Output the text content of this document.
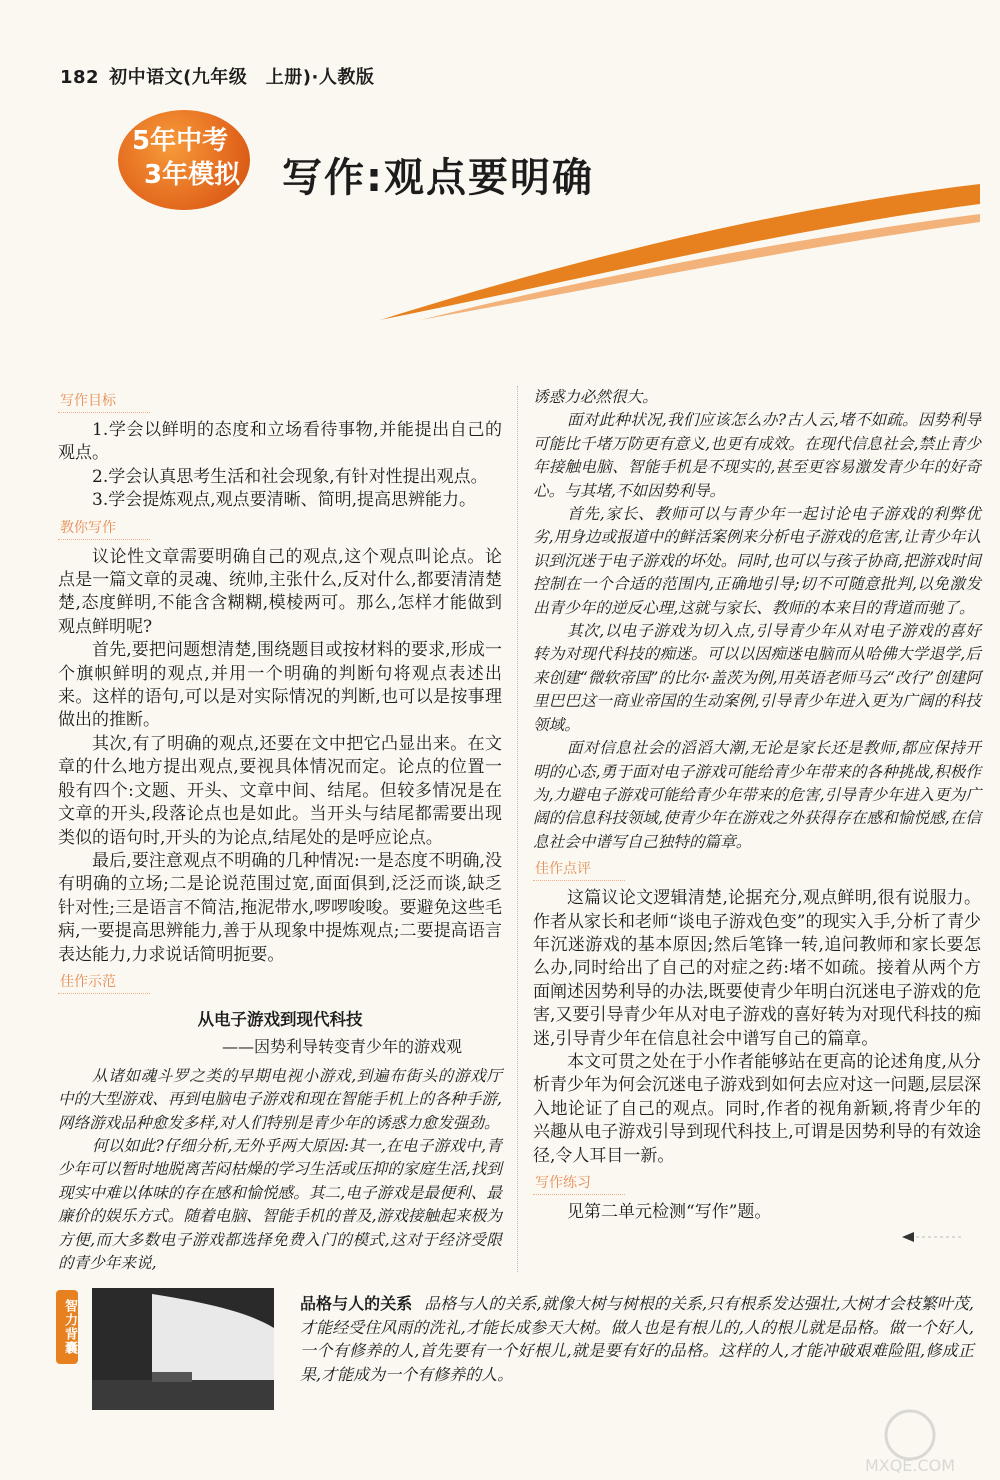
182 初中语文(九年级　上册)·人教版
5年中考
3年模拟 写作:观点要明确
写作目标

1.学会以鲜明的态度和立场看待事物,并能提出自己的观点。

2.学会认真思考生活和社会现象,有针对性提出观点。

3.学会提炼观点,观点要清晰、简明,提高思辨能力。

教你写作

议论性文章需要明确自己的观点,这个观点叫论点。论点是一篇文章的灵魂、统帅,主张什么,反对什么,都要清清楚楚,态度鲜明,不能含含糊糊,模棱两可。那么,怎样才能做到观点鲜明呢?

首先,要把问题想清楚,围绕题目或按材料的要求,形成一个旗帜鲜明的观点,并用一个明确的判断句将观点表述出来。这样的语句,可以是对实际情况的判断,也可以是按事理做出的推断。

其次,有了明确的观点,还要在文中把它凸显出来。在文章的什么地方提出观点,要视具体情况而定。论点的位置一般有四个:文题、开头、文章中间、结尾。但较多情况是在文章的开头,段落论点也是如此。当开头与结尾都需要出现类似的语句时,开头的为论点,结尾处的是呼应论点。

最后,要注意观点不明确的几种情况:一是态度不明确,没有明确的立场;二是论说范围过宽,面面俱到,泛泛而谈,缺乏针对性;三是语言不简洁,拖泥带水,啰啰唆唆。要避免这些毛病,一要提高思辨能力,善于从现象中提炼观点;二要提高语言表达能力,力求说话简明扼要。

佳作示范
从电子游戏到现代科技
——因势利导转变青少年的游戏观

从诸如魂斗罗之类的早期电视小游戏,到遍布街头的游戏厅中的大型游戏、再到电脑电子游戏和现在智能手机上的各种手游,网络游戏品种愈发多样,对人们特别是青少年的诱惑力愈发强劲。

何以如此?仔细分析,无外乎两大原因:其一,在电子游戏中,青少年可以暂时地脱离苦闷枯燥的学习生活或压抑的家庭生活,找到现实中难以体味的存在感和愉悦感。其二,电子游戏是最便利、最廉价的娱乐方式。随着电脑、智能手机的普及,游戏接触起来极为方便,而大多数电子游戏都选择免费入门的模式,这对于经济受限的青少年来说,

诱惑力必然很大。

面对此种状况,我们应该怎么办?古人云,堵不如疏。因势利导可能比千堵万防更有意义,也更有成效。在现代信息社会,禁止青少年接触电脑、智能手机是不现实的,甚至更容易激发青少年的好奇心。与其堵,不如因势利导。

首先,家长、教师可以与青少年一起讨论电子游戏的利弊优劣,用身边或报道中的鲜活案例来分析电子游戏的危害,让青少年认识到沉迷于电子游戏的坏处。同时,也可以与孩子协商,把游戏时间控制在一个合适的范围内,正确地引导;切不可随意批判,以免激发出青少年的逆反心理,这就与家长、教师的本来目的背道而驰了。

其次,以电子游戏为切入点,引导青少年从对电子游戏的喜好转为对现代科技的痴迷。可以以因痴迷电脑而从哈佛大学退学,后来创建“微软帝国”的比尔·盖茨为例,用英语老师马云“改行”创建阿里巴巴这一商业帝国的生动案例,引导青少年进入更为广阔的科技领域。

面对信息社会的滔滔大潮,无论是家长还是教师,都应保持开明的心态,勇于面对电子游戏可能给青少年带来的各种挑战,积极作为,力避电子游戏可能给青少年带来的危害,引导青少年进入更为广阔的信息科技领域,使青少年在游戏之外获得存在感和愉悦感,在信息社会中谱写自己独特的篇章。

佳作点评

这篇议论文逻辑清楚,论据充分,观点鲜明,很有说服力。作者从家长和老师“谈电子游戏色变”的现实入手,分析了青少年沉迷游戏的基本原因;然后笔锋一转,追问教师和家长要怎么办,同时给出了自己的对症之药:堵不如疏。接着从两个方面阐述因势利导的办法,既要使青少年明白沉迷电子游戏的危害,又要引导青少年从对电子游戏的喜好转为对现代科技的痴迷,引导青少年在信息社会中谱写自己的篇章。

本文可贯之处在于小作者能够站在更高的论述角度,从分析青少年为何会沉迷电子游戏到如何去应对这一问题,层层深入地论证了自己的观点。同时,作者的视角新颖,将青少年的兴趣从电子游戏引导到现代科技上,可谓是因势利导的有效途径,令人耳目一新。

写作练习

见第二单元检测“写作”题。

智力背囊	品格与人的关系 品格与人的关系,就像大树与树根的关系,只有根系发达强壮,大树才会枝繁叶茂,才能经受住风雨的洗礼,才能长成参天大树。做人也是有根儿的,人的根儿就是品格。做一个好人,一个有修养的人,首先要有一个好根儿,就是要有好的品格。这样的人,才能冲破艰难险阻,修成正果,才能成为一个有修养的人。
MXQE.COM
